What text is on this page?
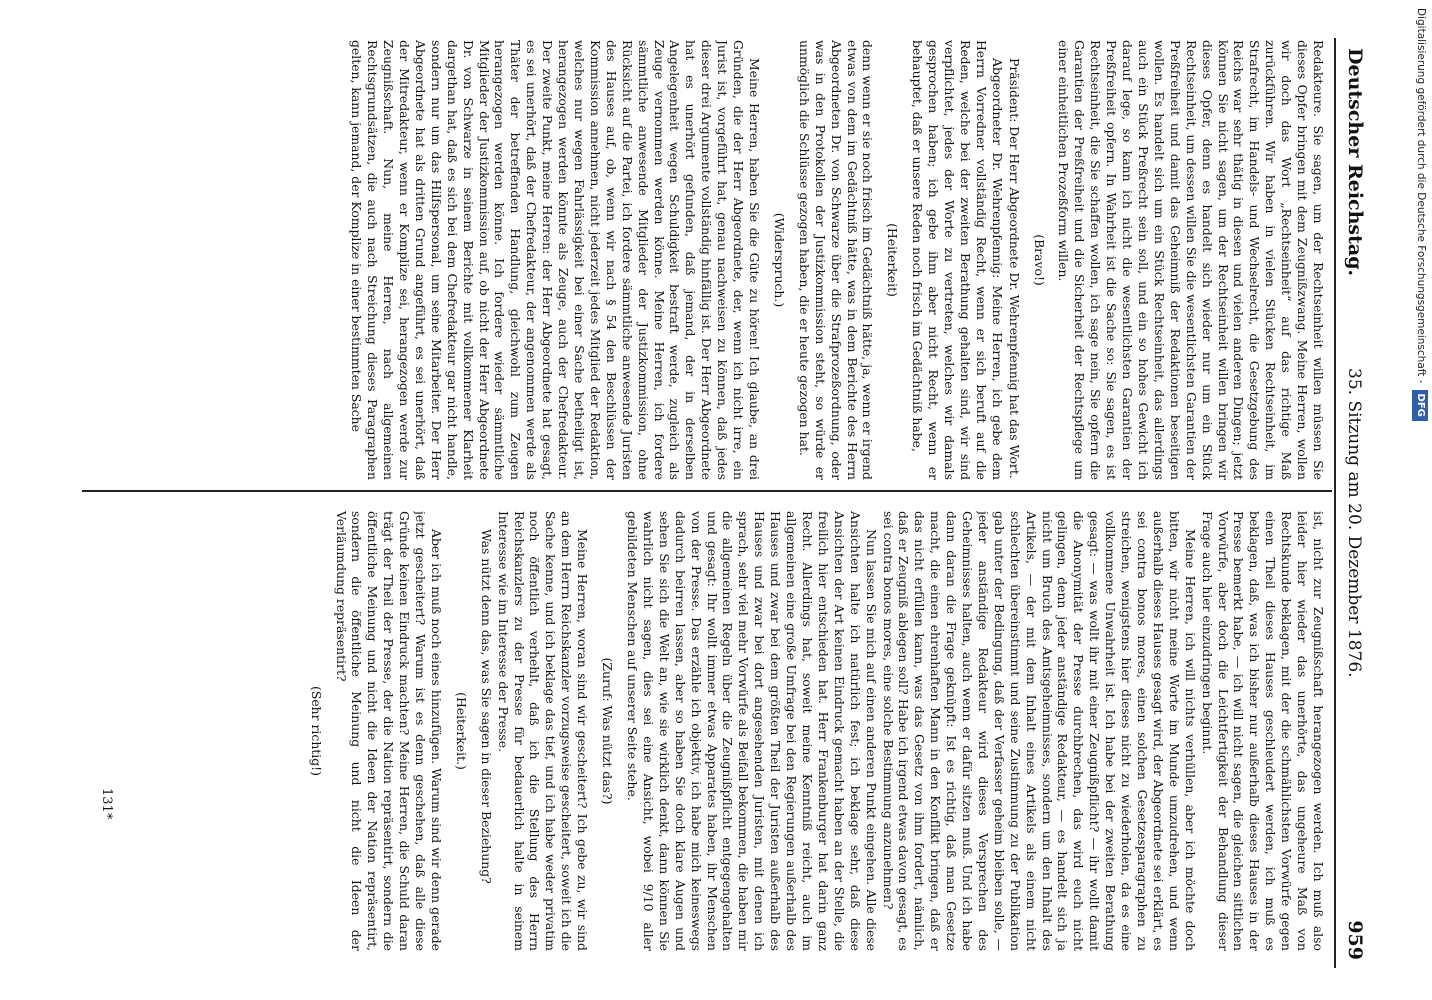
Deutscher Reichstag.
35. Sitzung am 20. Dezember 1876.
959

Redakteure. Sie sagen, um der Rechtseinheit willen müssen Sie dieses Opfer bringen mit dem Zeugnißzwang. Meine Herren, wollen wir doch das Wort „Rechtseinheit“ auf das richtige Maß zurückführen. Wir haben in vielen Stücken Rechtseinheit, im Strafrecht, im Handels- und Wechselrecht, die Gesetzgebung des Reichs war sehr thätig in diesen und vielen anderen Dingen; jetzt können Sie nicht sagen, um der Rechtseinheit willen bringen wir dieses Opfer, denn es handelt sich wieder nur um ein Stück Rechtseinheit, um dessen willen Sie die wesentlichsten Garantien der Preßfreiheit und damit das Geheimniß der Redaktionen beseitigen wollen. Es handelt sich um ein Stück Rechtseinheit, das allerdings auch ein Stück Preßrecht sein soll, und ein so hohes Gewicht ich darauf lege, so kann ich nicht die wesentlichsten Garantien der Preßfreiheit opfern. In Wahrheit ist die Sache so: Sie sagen, es ist Rechtseinheit, die Sie schaffen wollen, ich sage nein, Sie opfern die Garantien der Preßfreiheit und die Sicherheit der Rechtspflege um einer einheitlichen Prozeßform willen.

(Bravo!)

Präsident: Der Herr Abgeordnete Dr. Wehrenpfennig hat das Wort.

Abgeordneter Dr. Wehrenpfennig: Meine Herren, ich gebe dem Herrn Vorredner vollständig Recht, wenn er sich beruft auf die Reden, welche bei der zweiten Berathung gehalten sind, wir sind verpflichtet, jedes der Worte zu vertreten, welches wir damals gesprochen haben; ich gebe ihm aber nicht Recht, wenn er behauptet, daß er unsere Reden noch frisch im Gedächtniß habe,

(Heiterkeit)

denn wenn er sie noch frisch im Gedächtniß hätte, ja, wenn er irgend etwas von dem im Gedächtniß hätte, was in dem Berichte des Herrn Abgeordneten Dr. von Schwarze über die Strafprozeßordnung, oder was in den Protokollen der Justizkommission steht, so würde er unmöglich die Schlüsse gezogen haben, die er heute gezogen hat.

(Widerspruch.)

Meine Herren, haben Sie die Güte zu hören! Ich glaube, an drei Gründen, die der Herr Abgeordnete, der, wenn ich nicht irre, ein Jurist ist, vorgeführt hat, genau nachweisen zu können, daß jedes dieser drei Argumente vollständig hinfällig ist. Der Herr Abgeordnete hat es unerhört gefunden, daß jemand, der in derselben Angelegenheit wegen Schuldigkeit bestraft werde, zugleich als Zeuge vernommen werden könne. Meine Herren, ich fordere sämmtliche anwesende Mitglieder der Justizkommission, ohne Rücksicht auf die Partei, ich fordere sämmtliche anwesende Juristen des Hauses auf, ob, wenn wir nach § 54 den Beschlüssen der Kommission annehmen, nicht jederzeit jedes Mitglied der Redaktion, welches nur wegen Fahrlässigkeit bei einer Sache betheiligt ist, herangezogen werden könnte als Zeuge, auch der Chefredakteur. Der zweite Punkt, meine Herren: der Herr Abgeordnete hat gesagt, es sei unerhört, daß der Chefredakteur, der angenommen werde als Thäter der betreffenden Handlung, gleichwohl zum Zeugen herangezogen werden könne. Ich fordere wieder sämmtliche Mitglieder der Justizkommission auf, ob nicht der Herr Abgeordnete Dr. von Schwarze in seinem Berichte mit vollkommener Klarheit dargethan hat, daß es sich bei dem Chefredakteur gar nicht handle, sondern nur um das Hilfspersonal, um seine Mitarbeiter. Der Herr Abgeordnete hat als dritten Grund angeführt, es sei unerhört, daß der Mitredakteur, wenn er Komplize sei, herangezogen werde zur Zeugnißschaft. Nun, meine Herren, nach allgemeinen Rechtsgrundsätzen, die auch nach Streichung dieses Paragraphen gelten, kann jemand, der Komplize in einer bestimmten Sache

ist, nicht zur Zeugnißschaft herangezogen werden. Ich muß also leider hier wieder das unerhörte, das ungeheure Maß von Rechtskunde beklagen, mit der die schmählichsten Vorwürfe gegen einen Theil dieses Hauses geschleudert werden, ich muß es beklagen, daß, was ich bisher nur außerhalb dieses Hauses in der Presse bemerkt habe, — ich will nicht sagen, die gleichen sittlichen Vorwürfe, aber doch die Leichtfertigkeit der Behandlung dieser Frage auch hier einzudringen beginnt.

Meine Herren, ich will nichts verhüllen, aber ich möchte doch bitten, wir nicht meine Worte im Munde umzudrehen, und wenn außerhalb dieses Hauses gesagt wird, der Abgeordnete sei erklärt, es sei contra bonos mores, einen solchen Gesetzesparagraphen zu streichen, wenigstens hier dieses nicht zu wiederholen, da es eine vollkommene Unwahrheit ist. Ich habe bei der zweiten Berathung gesagt: — was wollt ihr mit einer Zeugnißpflicht? — ihr wollt damit die Anonymität der Presse durchbrechen, das wird euch nicht gelingen, denn jeder anständige Redakteur, — es handelt sich ja nicht um Bruch des Amtsgeheimnisses, sondern um den Inhalt des Artikels, — der mit dem Inhalt eines Artikels als einem nicht schlechten übereinstimmt und seine Zustimmung zu der Publikation gab unter der Bedingung, daß der Verfasser geheim bleiben solle, — jeder anständige Redakteur wird dieses Versprechen des Geheimnisses halten, auch wenn er dafür sitzen muß. Und ich habe dann daran die Frage geknüpft: Ist es richtig, daß man Gesetze macht, die einen ehrenhaften Mann in den Konflikt bringen, daß er das nicht erfüllen kann, was das Gesetz von ihm fordert, nämlich, daß er Zeugniß ablegen soll? Habe ich irgend etwas davon gesagt, es sei contra bonos mores, eine solche Bestimmung anzunehmen?

Nun lassen Sie mich auf einen anderen Punkt eingehen. Alle diese Ansichten halte ich natürlich fest; ich beklage sehr, daß diese Ansichten der Art keinen Eindruck gemacht haben an der Stelle, die freilich hier entschieden hat. Herr Frankenburger hat darin ganz Recht. Allerdings hat, soweit meine Kenntniß reicht, auch im allgemeinen eine große Umfrage bei den Regierungen außerhalb des Hauses und zwar bei dem größten Theil der Juristen außerhalb des Hauses und zwar bei dort angesehenden Juristen, mit denen ich sprach, sehr viel mehr Vorwürfe als Beifall bekommen, die haben mir die allgemeinen Regeln über die Zeugnißpflicht entgegengehalten und gesagt: Ihr wollt immer etwas Apparates haben, ihr Menschen von der Presse. Das erzähle ich objektiv, ich habe mich keineswegs dadurch beirren lassen, aber so haben Sie doch klare Augen und sehen Sie sich die Welt an, wie sie wirklich denkt, dann können Sie wahrlich nicht sagen, dies sei eine Ansicht, wobei 9/10 aller gebildeten Menschen auf unserer Seite stehe.

(Zuruf: Was nützt das?)

Meine Herren, woran sind wir gescheitert? Ich gebe zu, wir sind an dem Herrn Reichskanzler vorzugsweise gescheitert, soweit ich die Sache kenne, und ich beklage das tief, und ich habe weder privatim noch öffentlich verhehlt, daß ich die Stellung des Herrn Reichskanzlers zu der Presse für bedauerlich halte in seinem Interesse wie im Interesse der Presse.

Was nützt denn das, was Sie sagen in dieser Beziehung?

(Heiterkeit.)

Aber ich muß noch eines hinzufügen. Warum sind wir denn gerade jetzt gescheitert? Warum ist es denn geschehen, daß alle diese Gründe keinen Eindruck machten? Meine Herren, die Schuld daran trägt der Theil der Presse, der die Nation repräsentirt, sondern die öffentliche Meinung und nicht die Ideen der Nation repräsentirt, sondern die öffentliche Meinung und nicht die Ideen der Verläumdung repräsentirt?

(Sehr richtig!)

131*
Digitalisierung gefördert durch die Deutsche Forschungsgemeinschaft -DFG
